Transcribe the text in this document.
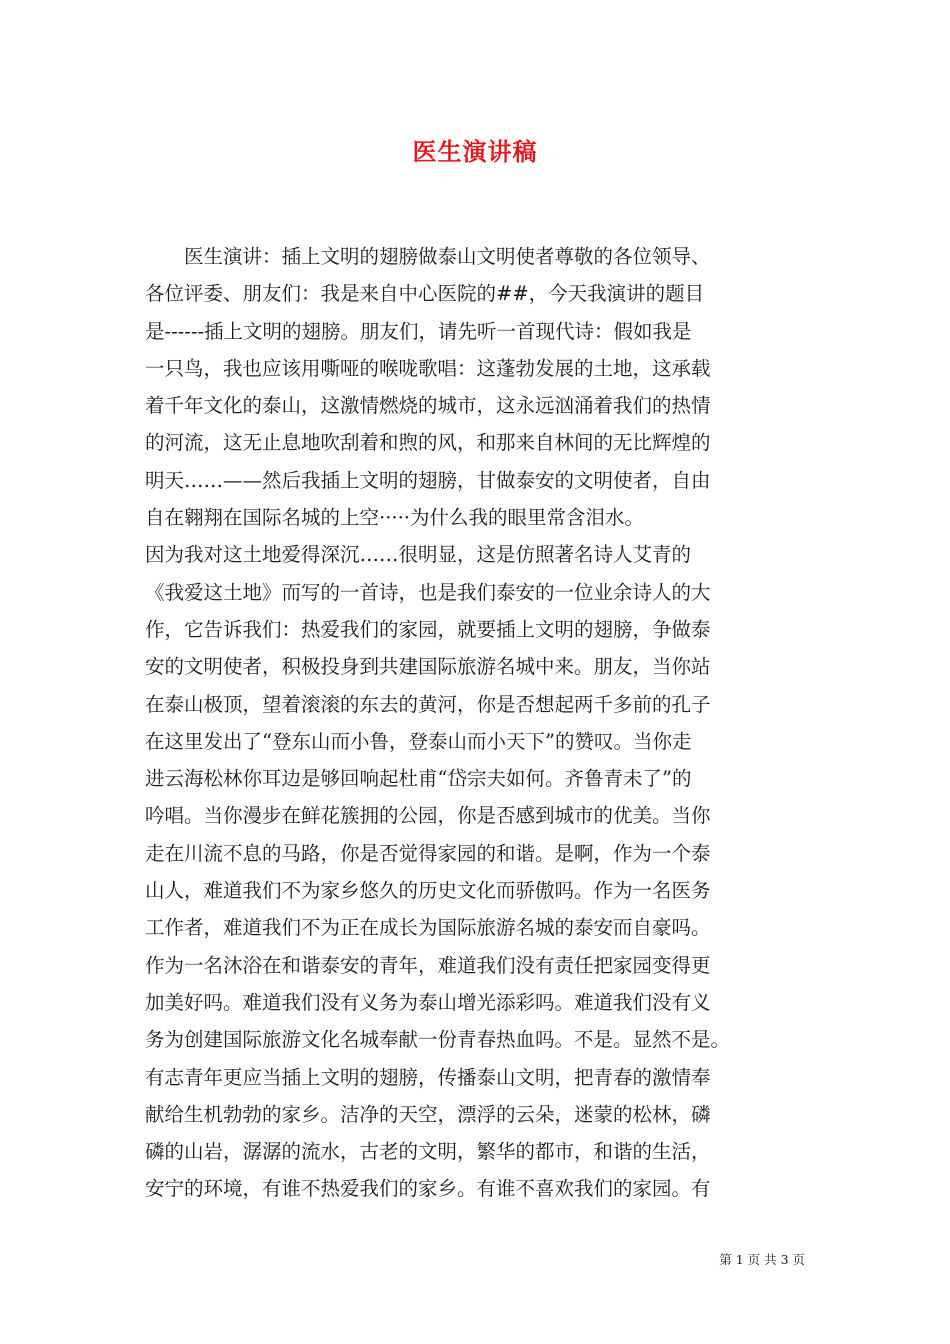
医生演讲稿
　　医生演讲：插上文明的翅膀做泰山文明使者尊敬的各位领导、
各位评委、朋友们：我是来自中心医院的##，今天我演讲的题目
是------插上文明的翅膀。朋友们，请先听一首现代诗：假如我是
一只鸟，我也应该用嘶哑的喉咙歌唱：这蓬勃发展的土地，这承载
着千年文化的泰山，这激情燃烧的城市，这永远汹涌着我们的热情
的河流，这无止息地吹刮着和煦的风，和那来自林间的无比辉煌的
明天……——然后我插上文明的翅膀，甘做泰安的文明使者，自由
自在翱翔在国际名城的上空·····为什么我的眼里常含泪水。
因为我对这土地爱得深沉……很明显，这是仿照著名诗人艾青的
《我爱这土地》而写的一首诗，也是我们泰安的一位业余诗人的大
作，它告诉我们：热爱我们的家园，就要插上文明的翅膀，争做泰
安的文明使者，积极投身到共建国际旅游名城中来。朋友，当你站
在泰山极顶，望着滚滚的东去的黄河，你是否想起两千多前的孔子
在这里发出了“登东山而小鲁，登泰山而小天下”的赞叹。当你走
进云海松林你耳边是够回响起杜甫“岱宗夫如何。齐鲁青未了”的
吟唱。当你漫步在鲜花簇拥的公园，你是否感到城市的优美。当你
走在川流不息的马路，你是否觉得家园的和谐。是啊，作为一个泰
山人，难道我们不为家乡悠久的历史文化而骄傲吗。作为一名医务
工作者，难道我们不为正在成长为国际旅游名城的泰安而自豪吗。
作为一名沐浴在和谐泰安的青年，难道我们没有责任把家园变得更
加美好吗。难道我们没有义务为泰山增光添彩吗。难道我们没有义
务为创建国际旅游文化名城奉献一份青春热血吗。不是。显然不是。
有志青年更应当插上文明的翅膀，传播泰山文明，把青春的激情奉
献给生机勃勃的家乡。洁净的天空，漂浮的云朵，迷蒙的松林，磷
磷的山岩，潺潺的流水，古老的文明，繁华的都市，和谐的生活，
安宁的环境，有谁不热爱我们的家乡。有谁不喜欢我们的家园。有
第 1 页 共 3 页
